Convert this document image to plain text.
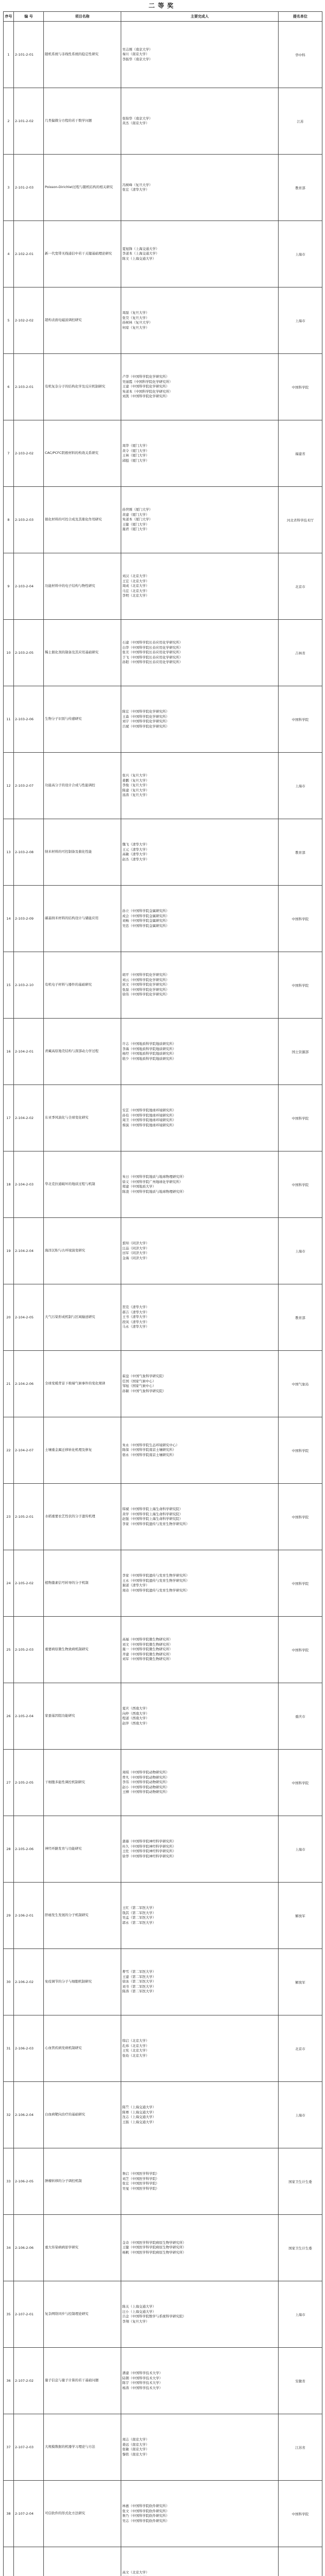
二等奖
序号	编 号	项目名称	主要完成人	提名单位
1	2-101-2-01	随机系统与非线性系统的稳定性研究	吴志刚（南京大学）
秦川（南京大学）
李振华（南京大学）	华中科
2	2-101-2-02	几类偏微分方程的若干数学问题	张锦华（南京大学）
黄杰（南京大学）	江苏
3	2-101-2-03	Poisson-Dirichlet过程与随机结构的相关研究	冯树峰（复旦大学）
张宏（清华大学）	教育部
4	2-102-2-01	新一代宽带无线通信中若干关键基础理论研究	夏旭锋（上海交通大学）
李道本（上海交通大学）
陈文（上海交通大学）	上海市
5	2-102-2-02	超构表面电磁波调控研究	周磊（复旦大学）
张昊（复旦大学）
孙树林（复旦大学）
何琼（复旦大学）	上海市
6	2-103-2-01	有机复杂分子的结构化学及反应机制研究	卢华（中国科学院化学研究所）
吴丽霞（中国科学院化学研究所）
王建（中国科学院化学研究所）
朱道本（中国科学院化学研究所）
刘凯（中国科学院化学研究所）	中国科学院
7	2-103-2-02	CAC/PCFC阴极材料的构效关系研究	周华（厦门大学）
黄令（厦门大学）
王林（厦门大学）
邱挺（厦门大学）	福建省
8	2-103-2-03	催化材料的可控合成及其催化作用研究	孙世刚（厦门大学）
黄建（厦门大学）
朱道本（厦门大学）
王健（厦门大学）
施君（厦门大学）	河北省科学技术厅
9	2-103-2-04	功能材料中的电子结构与物性研究	刘汉（北京大学）
王宏（北京大学）
周成（北京大学）
马宏（北京大学）
李明（北京大学）	北京市
10	2-103-2-05	稀土催化剂的制备及其应用基础研究	石建（中国科学院长春应用化学研究所）
白华（中国科学院长春应用化学研究所）
张美（中国科学院长春应用化学研究所）
于飞（中国科学院长春应用化学研究所）
孙阳（中国科学院长春应用化学研究所）	吉林省
11	2-103-2-06	生物分子识别与传感研究	陈宏（中国科学院化学研究所）
王森（中国科学院化学研究所）
刘宇（中国科学院化学研究所）
吕斌（中国科学院化学研究所）	中国科学院
12	2-103-2-07	功能高分子的设计合成与性能调控	张兴（复旦大学）
姜鹏（复旦大学）
李俊（复旦大学）
陈建（复旦大学）
汤涛（复旦大学）	上海市
13	2-103-2-08	纳米材料的可控制备及催化性能	魏飞（清华大学）
王元（清华大学）
高敏（清华大学）
赵杰（清华大学）	教育部
14	2-103-2-09	碳基纳米材料的结构设计与储能应用	孙立（中国科学院金属研究所）
成会（中国科学院金属研究所）
刘畅（中国科学院金属研究所）
吴忠（中国科学院金属研究所）	中国科学院
15	2-103-2-10	有机电子材料与器件的基础研究	胡平（中国科学院化学研究所）
刘云（中国科学院化学研究所）
狄文（中国科学院化学研究所）
张磊（中国科学院化学研究所）
徐伟（中国科学院化学研究所）	中国科学院
16	2-104-2-01	青藏高原地壳结构与深部动力学过程	许志（中国地质科学院地质研究所）
李海（中国地质科学院地质研究所）
杨经（中国地质科学院地质研究所）
嵇少（中国地质科学院地质研究所）	国土资源部
17	2-104-2-02	东亚季风演化与全球变化研究	安芷（中国科学院地球环境研究所）
孙有（中国科学院地球环境研究所）
周卫（中国科学院地球环境研究所）
蔡演（中国科学院地球环境研究所）	中国科学院
18	2-104-2-03	华北克拉通破坏的地质过程与机制	朱日（中国科学院地质与地球物理研究所）
徐义（中国科学院广州地球化学研究所）
郑建（中国地质大学）
陈凌（中国科学院地质与地球物理研究所）	中国科学院
19	2-104-2-04	海洋沉积与古环境演变研究	翦知（同济大学）
汪品（同济大学）
田军（同济大学）
金海（同济大学）	上海市
20	2-104-2-05	大气污染形成机制与区域输送研究	贺克（清华大学）
郝吉（清华大学）
王书（清华大学）
段凤（清华大学）
马永（清华大学）	教育部
21	2-104-2-06	全球变暖背景下极端气候事件的变化规律	翟盘（中国气象科学研究院）
任国（国家气候中心）
邹旭（国家气候中心）
孙颖（中国气象科学研究院）	中国气象局
22	2-104-2-07	土壤重金属迁移转化机理及修复	朱永（中国科学院生态环境研究中心）
陈保（中国科学院南京土壤研究所）
骆永（中国科学院南京土壤研究所）	中国科学院
23	2-105-2-01	水稻重要农艺性状的分子遗传机理	韩斌（中国科学院上海生命科学研究院）
黄学（中国科学院上海生命科学研究院）
赵强（中国科学院上海生命科学研究院）
李家（中国科学院遗传与发育生物学研究所）	中国科学院
24	2-105-2-02	植物激素信号转导的分子机制	李家（中国科学院遗传与发育生物学研究所）
王永（中国科学院遗传与发育生物学研究所）
谢道（清华大学）
周奇（中国科学院遗传与发育生物学研究所）	中国科学院
25	2-105-2-03	重要病原微生物致病机制研究	高福（中国科学院微生物研究所）
刘文（中国科学院微生物研究所）
施一（中国科学院微生物研究所）
齐建（中国科学院微生物研究所）
刘军（中国科学院微生物研究所）	中国科学院
26	2-105-2-04	家蚕基因组功能研究	夏庆（西南大学）
向仲（西南大学）
程道（西南大学）
赵萍（西南大学）	重庆市
27	2-105-2-05	干细胞多能性调控机制研究	周琪（中国科学院动物研究所）
曾凡（中国科学院动物研究所）
李伟（中国科学院动物研究所）
赵小（中国科学院动物研究所）
王柳（中国科学院动物研究所）	中国科学院
28	2-105-2-06	神经环路发育与功能研究	蒲慕（中国科学院神经科学研究所）
杜久（中国科学院神经科学研究所）
王佐（中国科学院神经科学研究所）
徐华（中国科学院神经科学研究所）	上海市
29	2-106-2-01	肝癌发生发展的分子机制研究	王红（第二军医大学）
钱其（第二军医大学）
吴孟（第二军医大学）
郭永（第二军医大学）	解放军
30	2-106-2-02	免疫调节的分子与细胞机制研究	曹雪（第二军医大学）
王建（第二军医大学）
徐冰（第二军医大学）
刘书（第二军医大学）
陈涛（第二军医大学）	解放军
31	2-106-2-03	心血管疾病发病机制研究	韩启（北京大学）
孔炜（北京大学）
王宪（北京大学）
张幼（北京大学）	北京市
32	2-106-2-04	白血病靶向治疗的基础研究	陈竺（上海交通大学）
陈赛（上海交通大学）
沈志（上海交通大学）
王振（上海交通大学）	上海市
33	2-106-2-05	肿瘤转移的分子调控机制	詹启（中国医学科学院）
刘芝（中国医学科学院）
张宏（中国医学科学院）
吴旻（中国医学科学院）	国家卫生计生委
34	2-106-2-06	重大传染病病原学研究	金奇（中国医学科学院病原生物学研究所）
王健（中国医学科学院病原生物学研究所）
杨帆（中国医学科学院病原生物学研究所）	国家卫生计生委
35	2-107-2-01	复杂网络同步与控制理论研究	陈关（上海交通大学）
汪小（上海交通大学）
吕金（中国科学院数学与系统科学研究院）
李翔（复旦大学）	上海市
36	2-107-2-02	量子信息与量子计算的若干基础问题	潘建（中国科学技术大学）
陆朝（中国科学技术大学）
陈宇（中国科学技术大学）
杨涛（中国科学技术大学）	安徽省
37	2-107-2-03	大规模数据的机器学习理论与方法	周志（南京大学）
姜远（南京大学）
张敏（南京大学）
黎铭（南京大学）	江苏省
38	2-107-2-04	可信软件的形式化方法研究	林惠（中国科学院软件研究所）
张文（中国科学院软件研究所）
詹乃（中国科学院软件研究所）
吴志（中国科学院软件研究所）	中国科学院

高文（北京大学）
